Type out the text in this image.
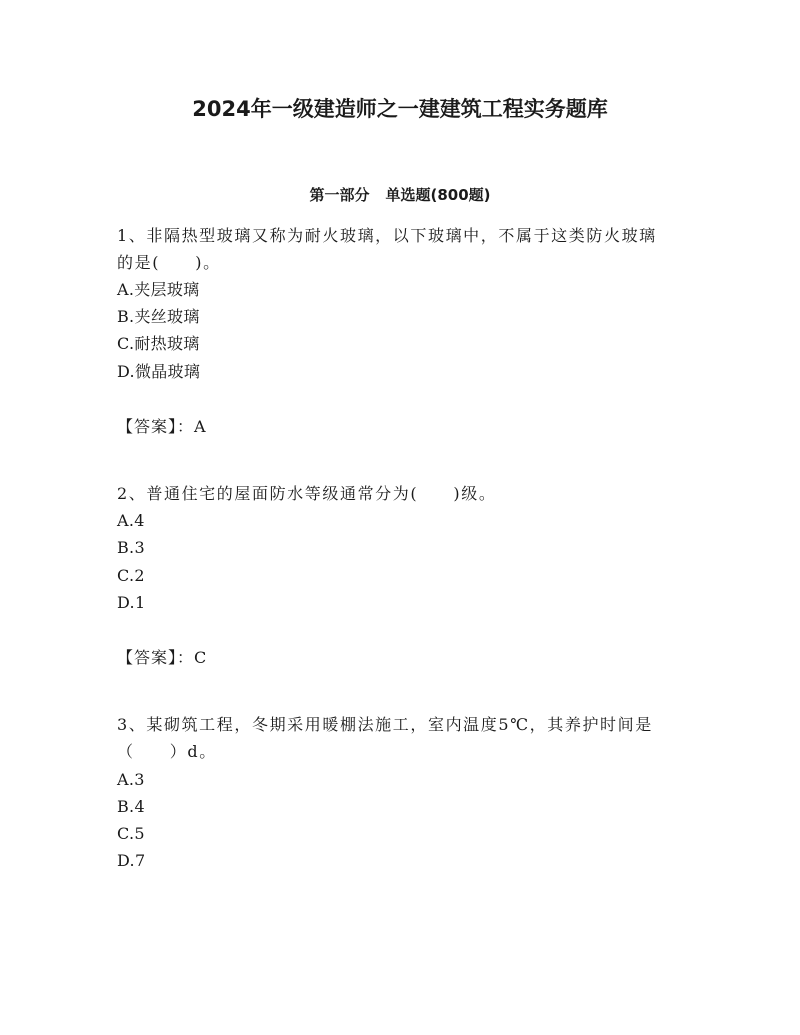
2024年一级建造师之一建建筑工程实务题库
第一部分 单选题(800题)
1、非隔热型玻璃又称为耐火玻璃，以下玻璃中，不属于这类防火玻璃
的是(　　)。
A.夹层玻璃
B.夹丝玻璃
C.耐热玻璃
D.微晶玻璃
【答案】：A
2、普通住宅的屋面防水等级通常分为(　　)级。
A.4
B.3
C.2
D.1
【答案】：C
3、某砌筑工程，冬期采用暖棚法施工，室内温度5℃，其养护时间是
（　　）d。
A.3
B.4
C.5
D.7
